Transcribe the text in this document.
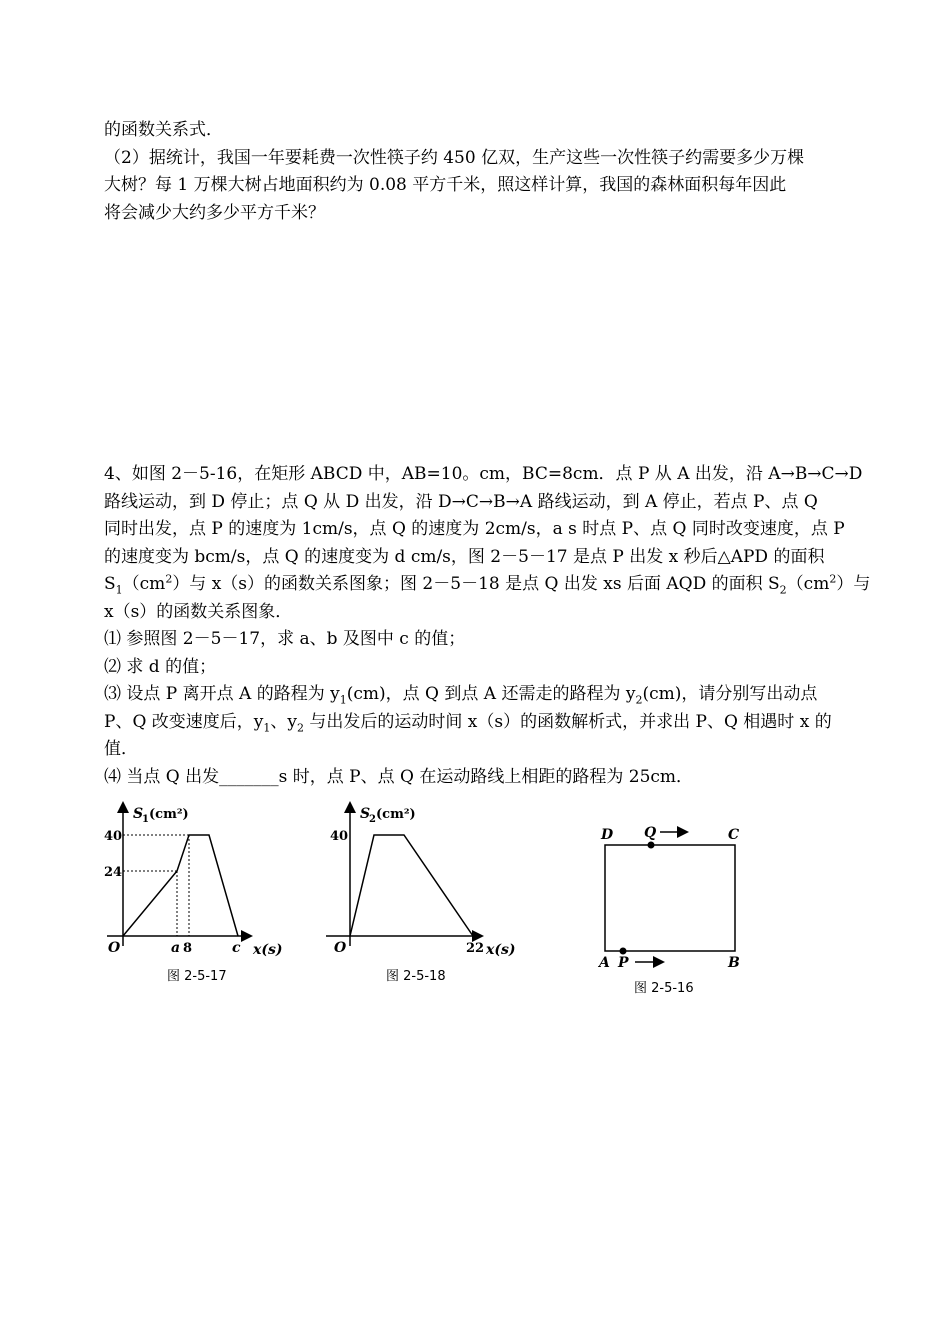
的函数关系式．
（2）据统计，我国一年要耗费一次性筷子约 450 亿双，生产这些一次性筷子约需要多少万棵
大树？每 1 万棵大树占地面积约为 0.08 平方千米，照这样计算，我国的森林面积每年因此
将会减少大约多少平方千米？
4、如图 2－5-16，在矩形 ABCD 中，AB=10。cm，BC=8cm．点 P 从 A 出发，沿 A→B→C→D
路线运动，到 D 停止；点 Q 从 D 出发，沿 D→C→B→A 路线运动，到 A 停止，若点 P、点 Q
同时出发，点 P 的速度为 1cm/s，点 Q 的速度为 2cm/s，a s 时点 P、点 Q 同时改变速度，点 P
的速度变为 bcm/s，点 Q 的速度变为 d cm/s，图 2－5－17 是点 P 出发 x 秒后△APD 的面积
$S_1(cm^2)$与 x（s）的函数关系图象；图 2－5－18 是点 Q 出发 xs 后面 AQD 的面积 $S_2(cm^2)$与
x（s）的函数关系图象．
⑴ 参照图 2－5－17，求 a、b 及图中 c 的值；
⑵ 求 d 的值；
⑶ 设点 P 离开点 A 的路程为 $y_1(cm)$，点 Q 到点 A 还需走的路程为 $y_2(cm)$，请分别写出动点
P、Q 改变速度后，$y_1$、$y_2$ 与出发后的运动时间 x（s）的函数解析式，并求出 P、Q 相遇时 x 的
值．
⑷ 当点 Q 出发_______s 时，点 P、点 Q 在运动路线上相距的路程为 25cm．
S
1 (cm²)
40
24
O	a 8	c x(s)
图 2-5-17
S
2 (cm²)
40
O	22 x(s)
图 2-5-18
D Q	C
A P	B
图 2-5-16
